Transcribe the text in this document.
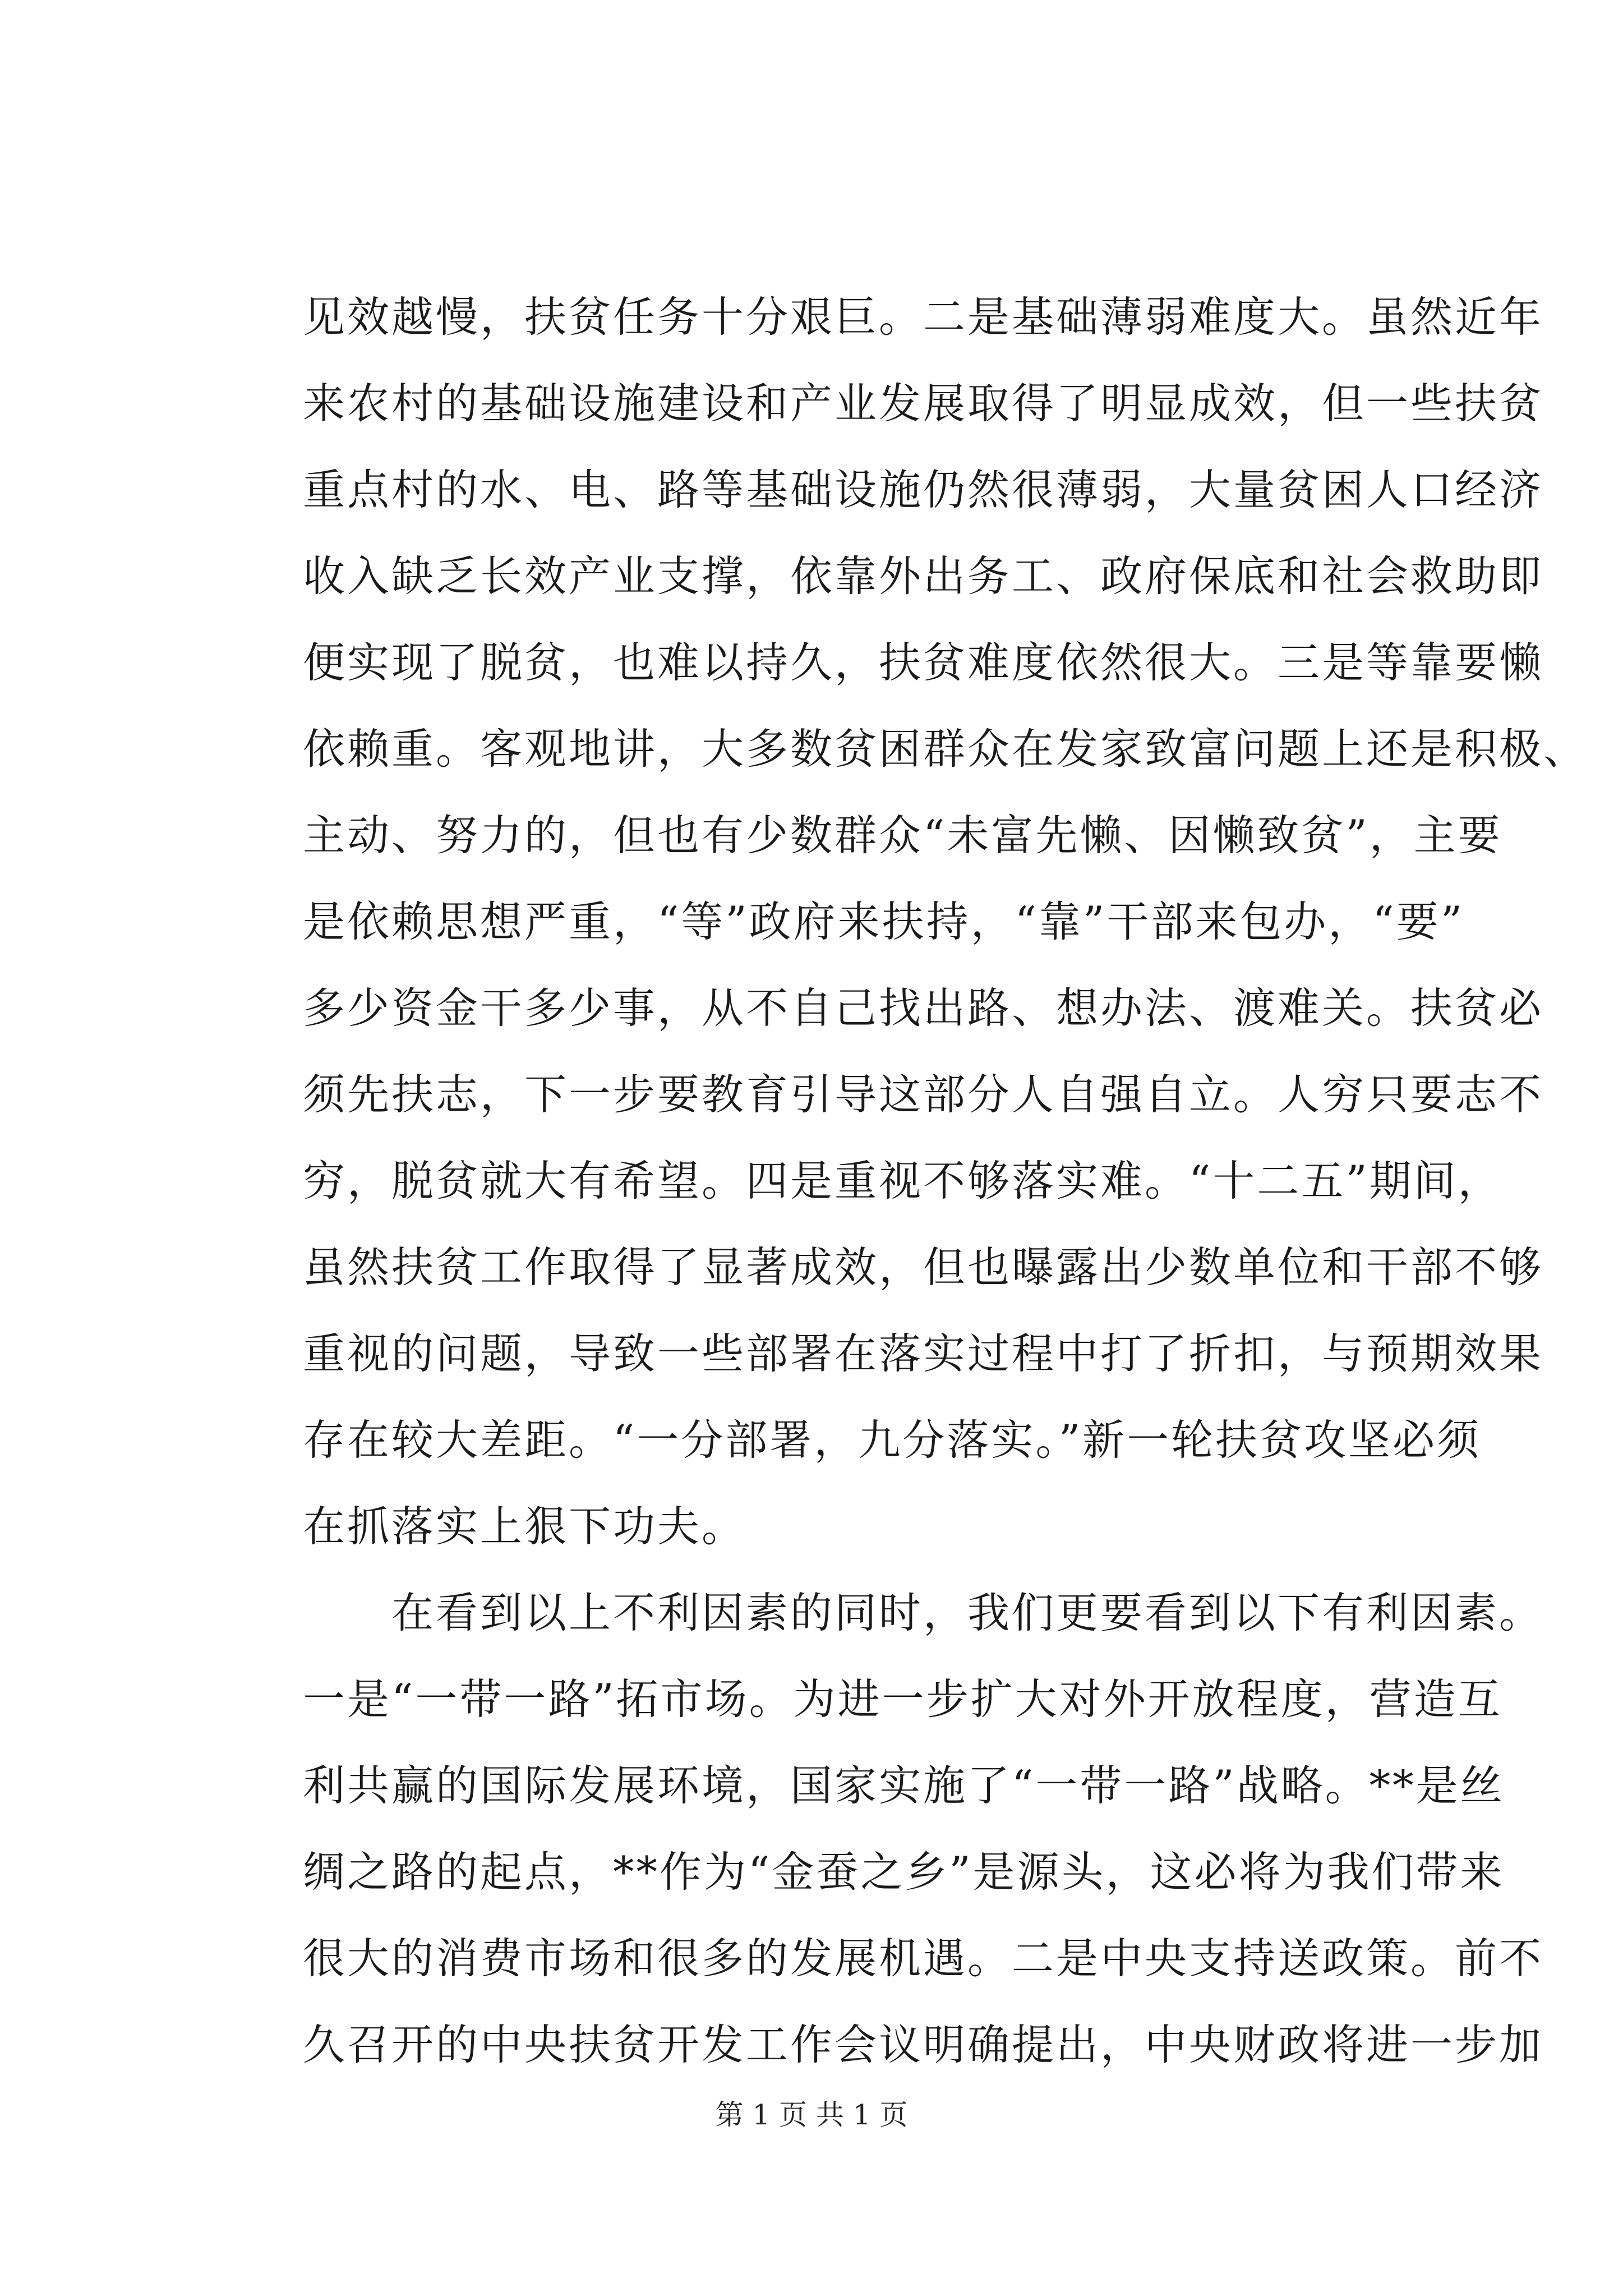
见效越慢，扶贫任务十分艰巨。二是基础薄弱难度大。虽然近年
来农村的基础设施建设和产业发展取得了明显成效，但一些扶贫
重点村的水、电、路等基础设施仍然很薄弱，大量贫困人口经济
收入缺乏长效产业支撑，依靠外出务工、政府保底和社会救助即
便实现了脱贫，也难以持久，扶贫难度依然很大。三是等靠要懒
依赖重。客观地讲，大多数贫困群众在发家致富问题上还是积极、
主动、努力的，但也有少数群众“未富先懒、因懒致贫”，主要
是依赖思想严重，“等”政府来扶持，“靠”干部来包办，“要”
多少资金干多少事，从不自己找出路、想办法、渡难关。扶贫必
须先扶志，下一步要教育引导这部分人自强自立。人穷只要志不
穷，脱贫就大有希望。四是重视不够落实难。“十二五”期间，
虽然扶贫工作取得了显著成效，但也曝露出少数单位和干部不够
重视的问题，导致一些部署在落实过程中打了折扣，与预期效果
存在较大差距。“一分部署，九分落实。”新一轮扶贫攻坚必须
在抓落实上狠下功夫。
　　在看到以上不利因素的同时，我们更要看到以下有利因素。
一是“一带一路”拓市场。为进一步扩大对外开放程度，营造互
利共赢的国际发展环境，国家实施了“一带一路”战略。**是丝
绸之路的起点，**作为“金蚕之乡”是源头，这必将为我们带来
很大的消费市场和很多的发展机遇。二是中央支持送政策。前不
久召开的中央扶贫开发工作会议明确提出，中央财政将进一步加
第 1 页 共 1 页
